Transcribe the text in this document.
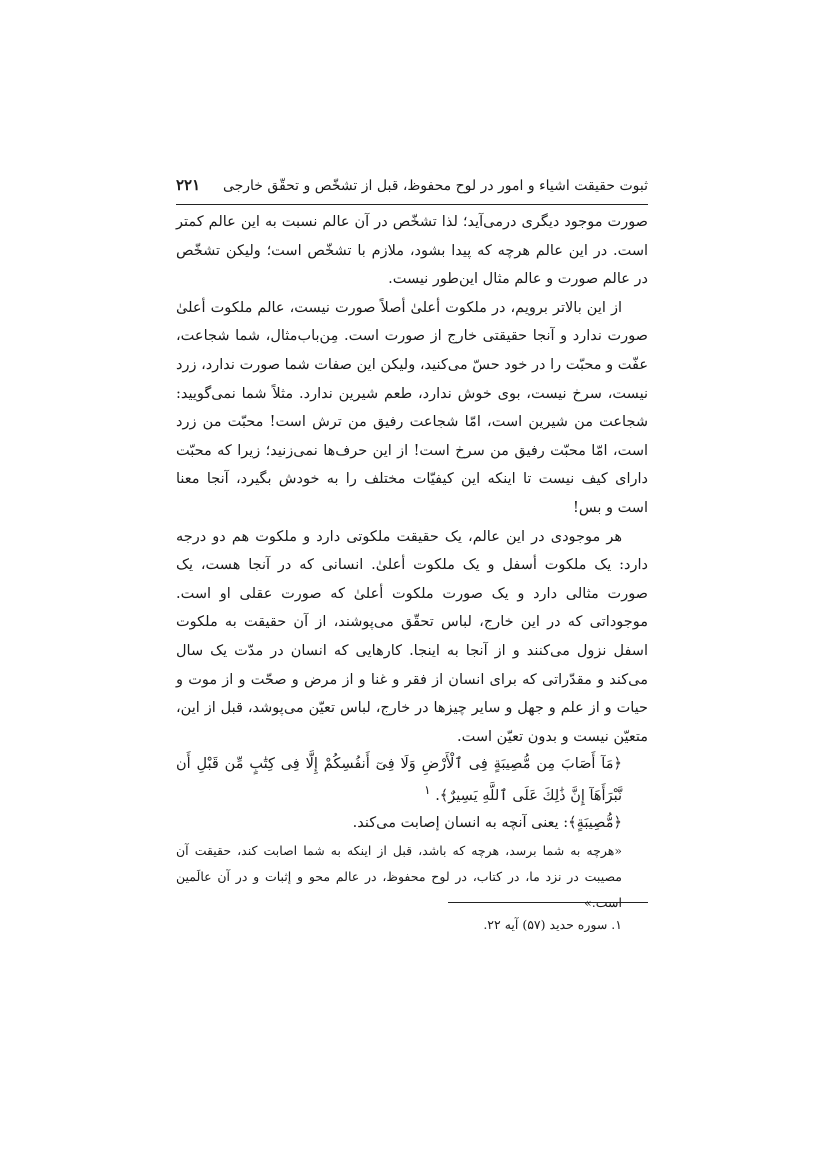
ثبوت حقیقت اشیاء و امور در لوح محفوظ، قبل از تشخّص و تحقّق خارجی
۲۲۱

صورت موجود دیگری درمی‌آید؛ لذا تشخّص در آن عالم نسبت به این عالم کمتر است. در این عالم هرچه که پیدا بشود، ملازم با تشخّص است؛ ولیکن تشخّص در عالم صورت و عالم مثال این‌طور نیست.

از این بالاتر برویم، در ملکوت أعلیٰ أصلاً صورت نیست، عالم ملکوت أعلیٰ صورت ندارد و آنجا حقیقتی خارج از صورت است. مِن‌باب‌مثال، شما شجاعت، عفّت و محبّت را در خود حسّ می‌کنید، ولیکن این صفات شما صورت ندارد، زرد نیست، سرخ نیست، بوی خوش ندارد، طعم شیرین ندارد. مثلاً شما نمی‌گویید: شجاعت من شیرین است، امّا شجاعت رفیق من ترش است! محبّت من زرد است، امّا محبّت رفیق من سرخ است! از این حرف‌ها نمی‌زنید؛ زیرا که محبّت دارای کیف نیست تا اینکه این کیفیّات مختلف را به خودش بگیرد، آنجا معنا است و بس!

هر موجودی در این عالم، یک حقیقت ملکوتی دارد و ملکوت هم دو درجه دارد: یک ملکوت أسفل و یک ملکوت أعلیٰ. انسانی که در آنجا هست، یک صورت مثالی دارد و یک صورت ملکوت أعلیٰ که صورت عقلی او است. موجوداتی که در این خارج، لباس تحقّق می‌پوشند، از آن حقیقت به ملکوت اسفل نزول می‌کنند و از آنجا به اینجا. کارهایی که انسان در مدّت یک سال می‌کند و مقدّراتی که برای انسان از فقر و غنا و از مرض و صحّت و از موت و حیات و از علم و جهل و سایر چیزها در خارج، لباس تعیّن می‌پوشد، قبل از این، متعیّن نیست و بدون تعیّن است.

﴿مَآ أَصَابَ مِن مُّصِيبَةٍ فِى ٱلْأَرْضِ وَلَا فِىٓ أَنفُسِكُمْ إِلَّا فِى كِتَٰبٍ مِّن قَبْلِ أَن نَّبْرَأَهَآ إِنَّ ذَٰلِكَ عَلَى ٱللَّهِ يَسِيرٌ﴾. $^۱$

﴿مُّصِيبَةٍ﴾: یعنی آنچه به انسان إصابت می‌کند.

«هرچه به شما برسد، هرچه که باشد، قبل از اینکه به شما اصابت کند، حقیقت آن مصیبت در نزد ما، در کتاب، در لوح محفوظ، در عالم محو و إثبات و در آن عالَمین است.»

۱. سوره حدید (۵۷) آیه ۲۲.
